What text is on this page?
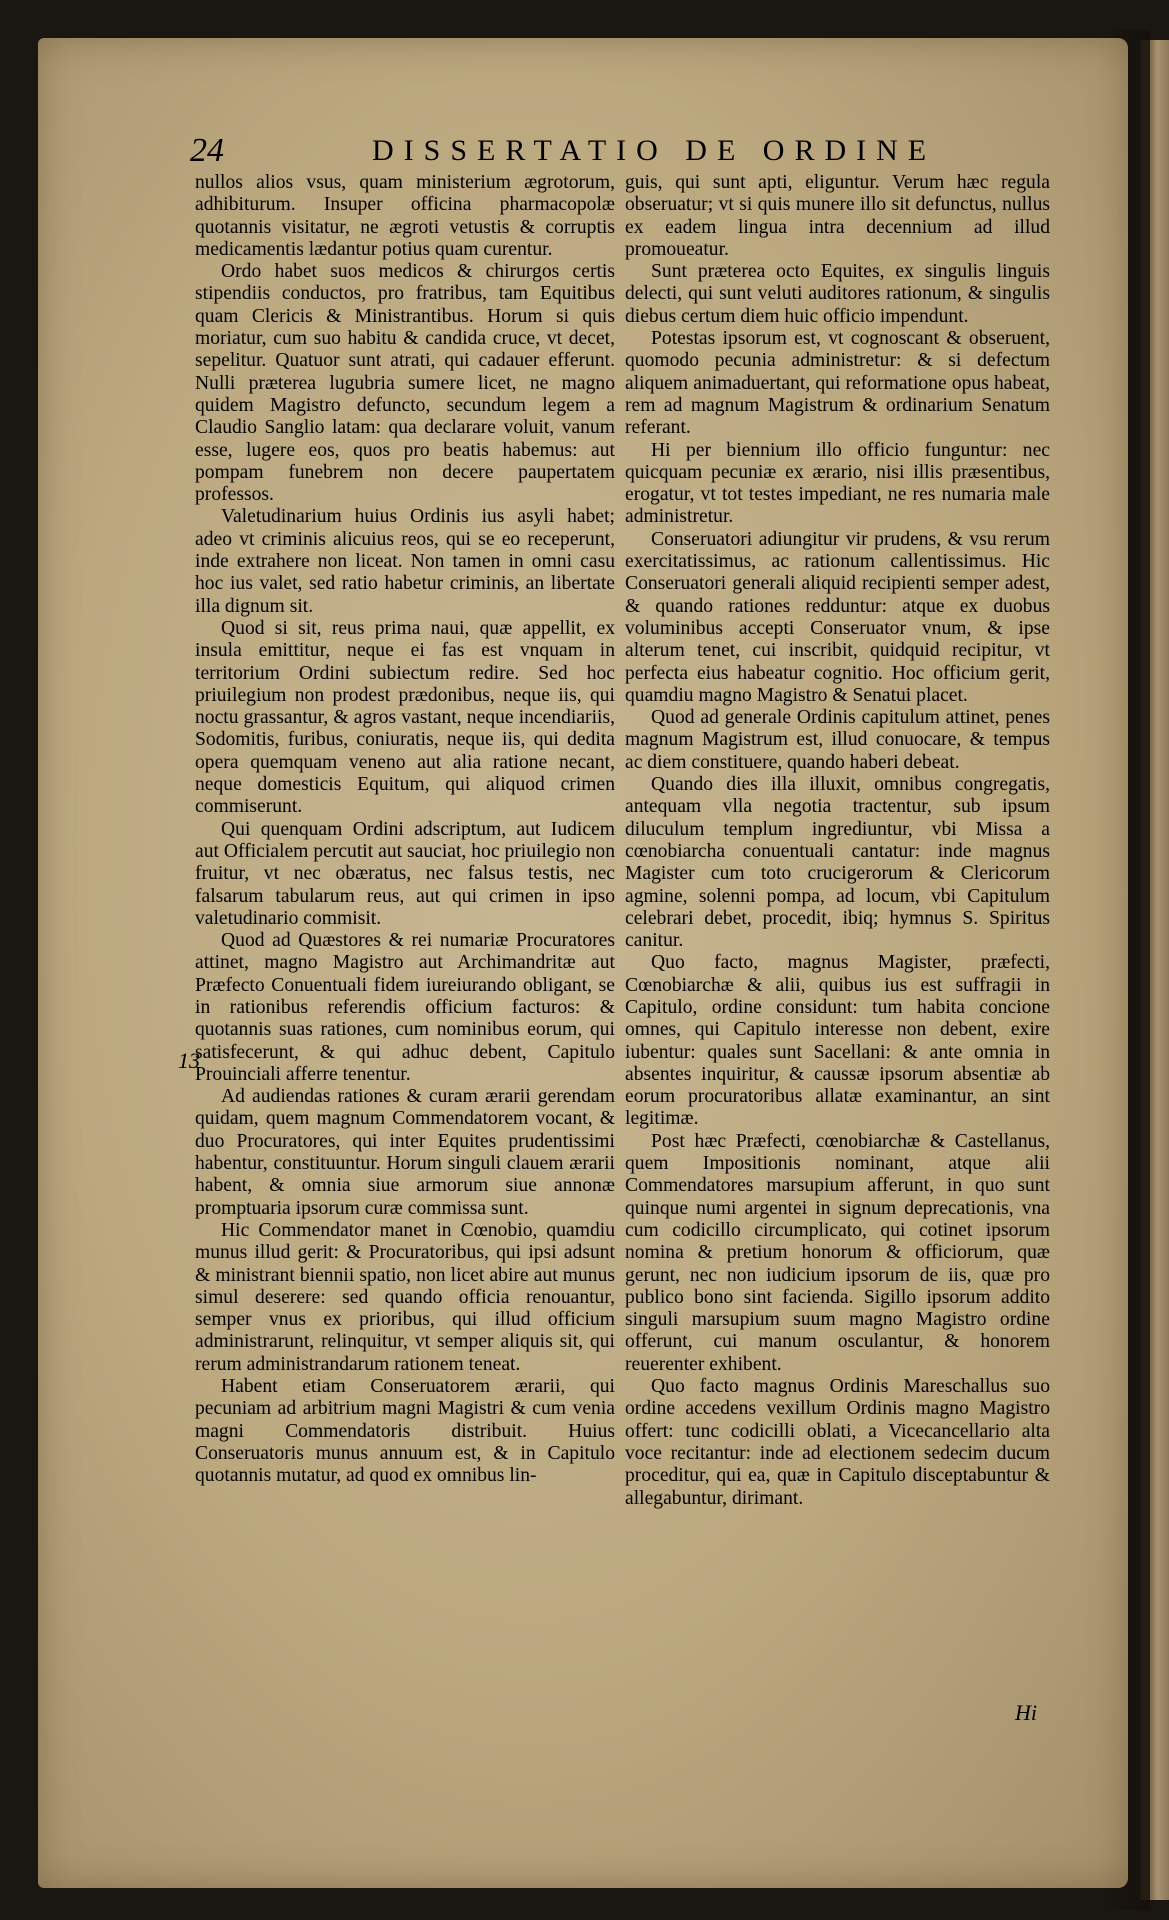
24	DISSERTATIO DE ORDINE
13

nullos alios vsus, quam ministerium ægrotorum, adhibiturum. Insuper officina pharmacopolæ quotannis visitatur, ne ægroti vetustis & corruptis medicamentis lædantur potius quam curentur.

Ordo habet suos medicos & chirurgos certis stipendiis conductos, pro fratribus, tam Equitibus quam Clericis & Ministrantibus. Horum si quis moriatur, cum suo habitu & candida cruce, vt decet, sepelitur. Quatuor sunt atrati, qui cadauer efferunt. Nulli præterea lugubria sumere licet, ne magno quidem Magistro defuncto, secundum legem a Claudio Sanglio latam: qua declarare voluit, vanum esse, lugere eos, quos pro beatis habemus: aut pompam funebrem non decere paupertatem professos.

Valetudinarium huius Ordinis ius asyli habet; adeo vt criminis alicuius reos, qui se eo receperunt, inde extrahere non liceat. Non tamen in omni casu hoc ius valet, sed ratio habetur criminis, an libertate illa dignum sit.

Quod si sit, reus prima naui, quæ appellit, ex insula emittitur, neque ei fas est vnquam in territorium Ordini subiectum redire. Sed hoc priuilegium non prodest prædonibus, neque iis, qui noctu grassantur, & agros vastant, neque incendiariis, Sodomitis, furibus, coniuratis, neque iis, qui dedita opera quemquam veneno aut alia ratione necant, neque domesticis Equitum, qui aliquod crimen commiserunt.

Qui quenquam Ordini adscriptum, aut Iudicem aut Officialem percutit aut sauciat, hoc priuilegio non fruitur, vt nec obæratus, nec falsus testis, nec falsarum tabularum reus, aut qui crimen in ipso valetudinario commisit.

Quod ad Quæstores & rei numariæ Procuratores attinet, magno Magistro aut Archimandritæ aut Præfecto Conuentuali fidem iureiurando obligant, se in rationibus referendis officium facturos: & quotannis suas rationes, cum nominibus eorum, qui satisfecerunt, & qui adhuc debent, Capitulo Prouinciali afferre tenentur.

Ad audiendas rationes & curam ærarii gerendam quidam, quem magnum Commendatorem vocant, & duo Procuratores, qui inter Equites prudentissimi habentur, constituuntur. Horum singuli clauem ærarii habent, & omnia siue armorum siue annonæ promptuaria ipsorum curæ commissa sunt.

Hic Commendator manet in Cœnobio, quamdiu munus illud gerit: & Procuratoribus, qui ipsi adsunt & ministrant biennii spatio, non licet abire aut munus simul deserere: sed quando officia renouantur, semper vnus ex prioribus, qui illud officium administrarunt, relinquitur, vt semper aliquis sit, qui rerum administrandarum rationem teneat.

Habent etiam Conseruatorem ærarii, qui pecuniam ad arbitrium magni Magistri & cum venia magni Commendatoris distribuit. Huius Conseruatoris munus annuum est, & in Capitulo quotannis mutatur, ad quod ex omnibus lin-

guis, qui sunt apti, eliguntur. Verum hæc regula obseruatur; vt si quis munere illo sit defunctus, nullus ex eadem lingua intra decennium ad illud promoueatur.

Sunt præterea octo Equites, ex singulis linguis delecti, qui sunt veluti auditores rationum, & singulis diebus certum diem huic officio impendunt.

Potestas ipsorum est, vt cognoscant & obseruent, quomodo pecunia administretur: & si defectum aliquem animaduertant, qui reformatione opus habeat, rem ad magnum Magistrum & ordinarium Senatum referant.

Hi per biennium illo officio funguntur: nec quicquam pecuniæ ex ærario, nisi illis præsentibus, erogatur, vt tot testes impediant, ne res numaria male administretur.

Conseruatori adiungitur vir prudens, & vsu rerum exercitatissimus, ac rationum callentissimus. Hic Conseruatori generali aliquid recipienti semper adest, & quando rationes redduntur: atque ex duobus voluminibus accepti Conseruator vnum, & ipse alterum tenet, cui inscribit, quidquid recipitur, vt perfecta eius habeatur cognitio. Hoc officium gerit, quamdiu magno Magistro & Senatui placet.

Quod ad generale Ordinis capitulum attinet, penes magnum Magistrum est, illud conuocare, & tempus ac diem constituere, quando haberi debeat.

Quando dies illa illuxit, omnibus congregatis, antequam vlla negotia tractentur, sub ipsum diluculum templum ingrediuntur, vbi Missa a cœnobiarcha conuentuali cantatur: inde magnus Magister cum toto crucigerorum & Clericorum agmine, solenni pompa, ad locum, vbi Capitulum celebrari debet, procedit, ibiq; hymnus S. Spiritus canitur.

Quo facto, magnus Magister, præfecti, Cœnobiarchæ & alii, quibus ius est suffragii in Capitulo, ordine considunt: tum habita concione omnes, qui Capitulo interesse non debent, exire iubentur: quales sunt Sacellani: & ante omnia in absentes inquiritur, & caussæ ipsorum absentiæ ab eorum procuratoribus allatæ examinantur, an sint legitimæ.

Post hæc Præfecti, cœnobiarchæ & Castellanus, quem Impositionis nominant, atque alii Commendatores marsupium afferunt, in quo sunt quinque numi argentei in signum deprecationis, vna cum codicillo circumplicato, qui cotinet ipsorum nomina & pretium honorum & officiorum, quæ gerunt, nec non iudicium ipsorum de iis, quæ pro publico bono sint facienda. Sigillo ipsorum addito singuli marsupium suum magno Magistro ordine offerunt, cui manum osculantur, & honorem reuerenter exhibent.

Quo facto magnus Ordinis Mareschallus suo ordine accedens vexillum Ordinis magno Magistro offert: tunc codicilli oblati, a Vicecancellario alta voce recitantur: inde ad electionem sedecim ducum proceditur, qui ea, quæ in Capitulo disceptabuntur & allegabuntur, dirimant.

Hi
